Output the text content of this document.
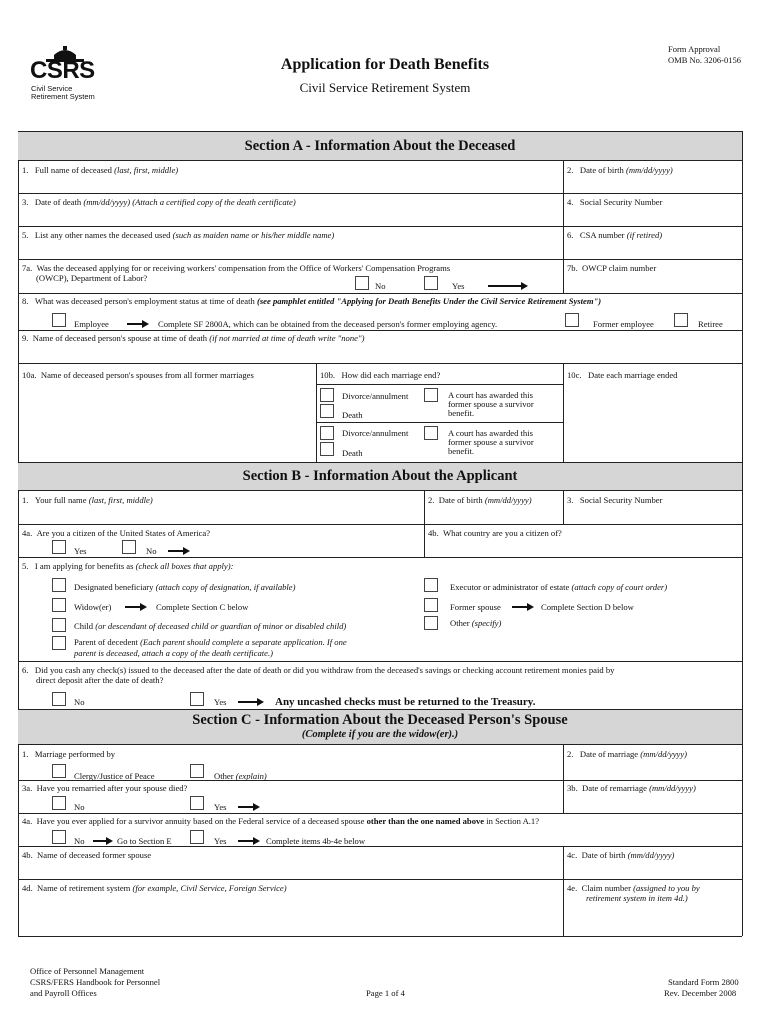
CSRS
Civil Service
Retirement System
Application for Death Benefits
Civil Service Retirement System
Form Approval
OMB No. 3206-0156
Section A - Information About the Deceased
1. Full name of deceased (last, first, middle)	2. Date of birth (mm/dd/yyyy)
3. Date of death (mm/dd/yyyy) (Attach a certified copy of the death certificate)	4. Social Security Number
5. List any other names the deceased used (such as maiden name or his/her middle name)	6. CSA number (if retired)
7a. Was the deceased applying for or receiving workers' compensation from the Office of Workers' Compensation Programs
(OWCP), Department of Labor?
No	Yes
7b. OWCP claim number
8. What was deceased person's employment status at time of death (see pamphlet entitled "Applying for Death Benefits Under the Civil Service Retirement System")
Employee	Complete SF 2800A, which can be obtained from the deceased person's former employing agency.	Former employee	Retiree
9. Name of deceased person's spouse at time of death (if not married at time of death write "none")
10a. Name of deceased person's spouses from all former marriages	10b. How did each marriage end?	10c. Date each marriage ended
Divorce/annulment	A court has awarded this
former spouse a survivor
benefit.
Death
Divorce/annulment	A court has awarded this
former spouse a survivor
benefit.
Death
Section B - Information About the Applicant
1. Your full name (last, first, middle)	2. Date of birth (mm/dd/yyyy)	3. Social Security Number
4a. Are you a citizen of the United States of America?
Yes	No
4b. What country are you a citizen of?
5. I am applying for benefits as (check all boxes that apply):
Designated beneficiary (attach copy of designation, if available)
Widow(er)	Complete Section C below
Child (or descendant of deceased child or guardian of minor or disabled child)
Parent of decedent (Each parent should complete a separate application. If one
parent is deceased, attach a copy of the death certificate.)
Executor or administrator of estate (attach copy of court order)
Former spouse	Complete Section D below
Other (specify)
6. Did you cash any check(s) issued to the deceased after the date of death or did you withdraw from the deceased's savings or checking account retirement monies paid by
direct deposit after the date of death?
No	Yes	Any uncashed checks must be returned to the Treasury.
Section C - Information About the Deceased Person's Spouse
(Complete if you are the widow(er).)
1. Marriage performed by
Clergy/Justice of Peace	Other (explain)
2. Date of marriage (mm/dd/yyyy)
3a. Have you remarried after your spouse died?
No	Yes
3b. Date of remarriage (mm/dd/yyyy)
4a. Have you ever applied for a survivor annuity based on the Federal service of a deceased spouse other than the one named above in Section A.1?
No	Go to Section E	Yes	Complete items 4b-4e below
4b. Name of deceased former spouse	4c. Date of birth (mm/dd/yyyy)
4d. Name of retirement system (for example, Civil Service, Foreign Service)	4e. Claim number (assigned to you by
retirement system in item 4d.)
Office of Personnel Management
CSRS/FERS Handbook for Personnel
and Payroll Offices	Page 1 of 4
Standard Form 2800
Rev. December 2008
